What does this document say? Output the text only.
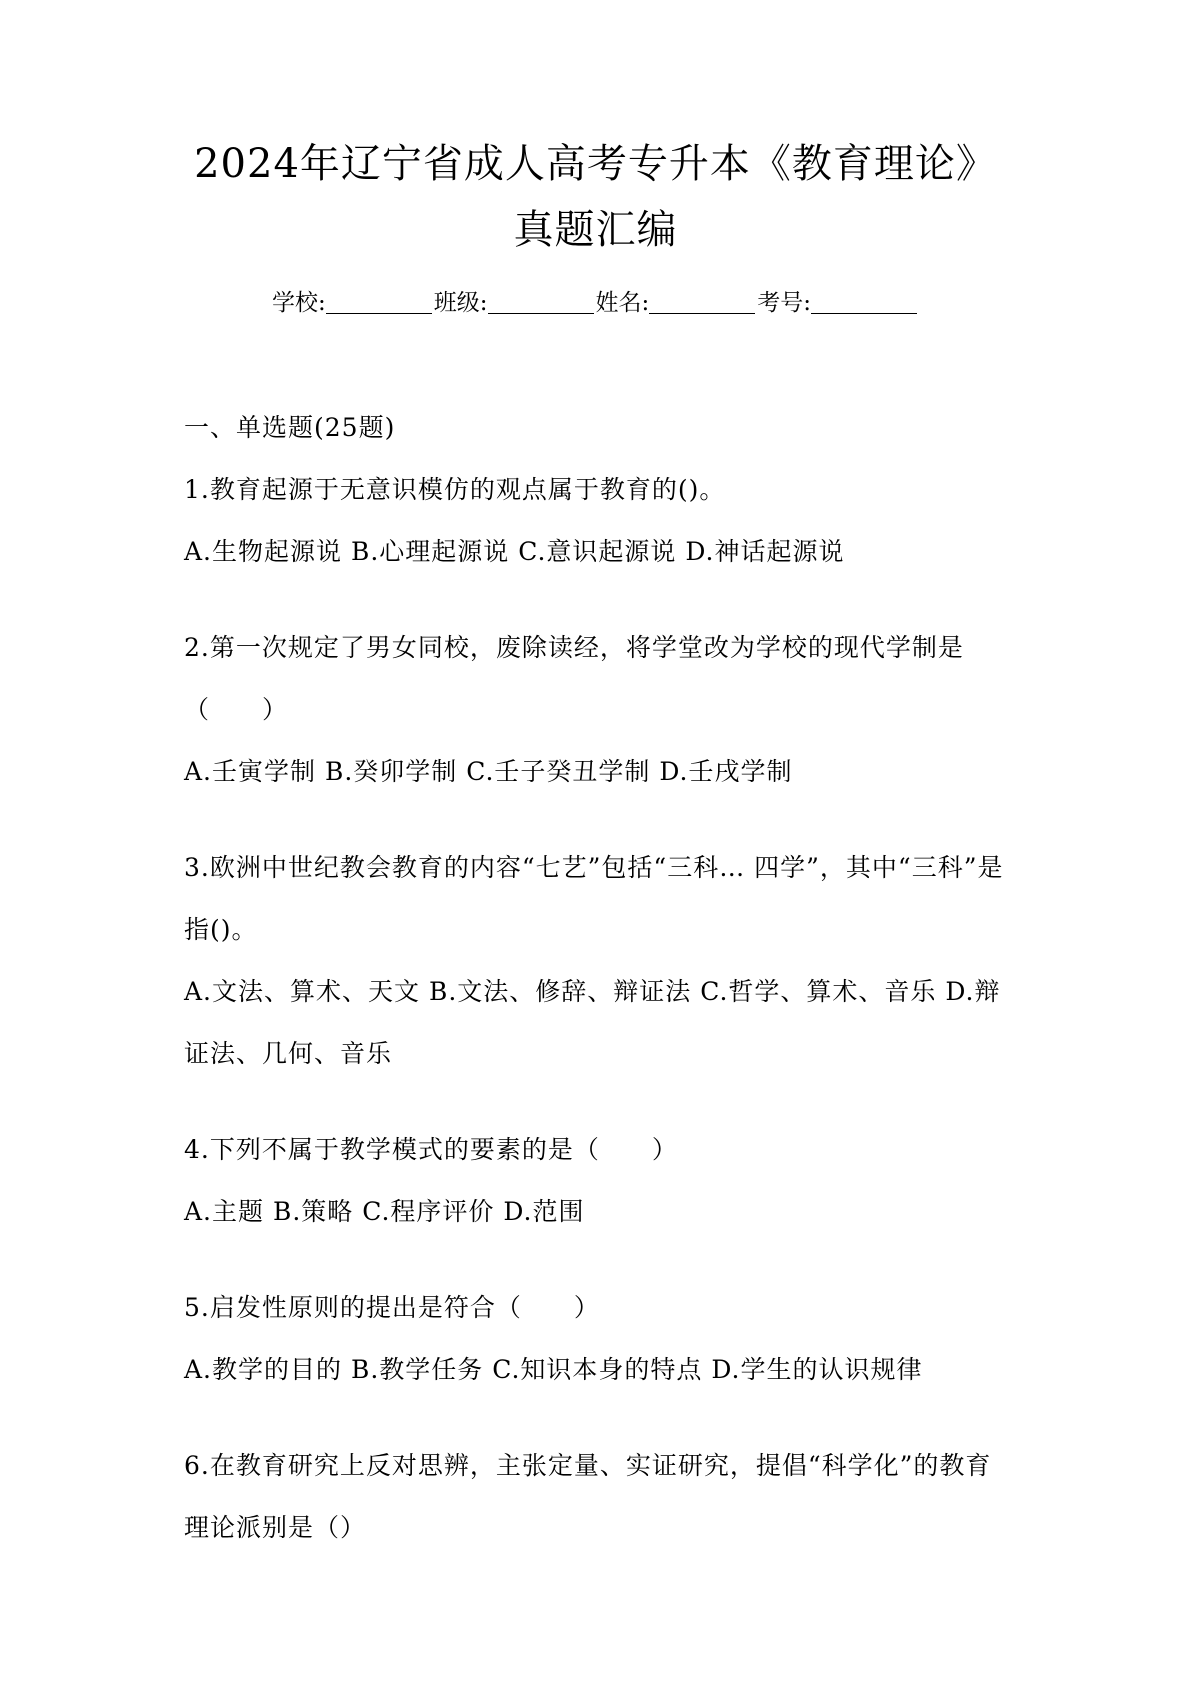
2024年辽宁省成人高考专升本《教育理论》
真题汇编
学校:	班级:	姓名:	考号:
一、单选题(25题)
1.教育起源于无意识模仿的观点属于教育的()。
A.生物起源说 B.心理起源说 C.意识起源说 D.神话起源说
2.第一次规定了男女同校，废除读经，将学堂改为学校的现代学制是
（　　）
A.壬寅学制 B.癸卯学制 C.壬子癸丑学制 D.壬戌学制
3.欧洲中世纪教会教育的内容“七艺”包括“三科… 四学”，其中“三科”是
指()。
A.文法、算术、天文 B.文法、修辞、辩证法 C.哲学、算术、音乐 D.辩
证法、几何、音乐
4.下列不属于教学模式的要素的是（　　）
A.主题 B.策略 C.程序评价 D.范围
5.启发性原则的提出是符合（　　）
A.教学的目的 B.教学任务 C.知识本身的特点 D.学生的认识规律
6.在教育研究上反对思辨，主张定量、实证研究，提倡“科学化”的教育
理论派别是（）
